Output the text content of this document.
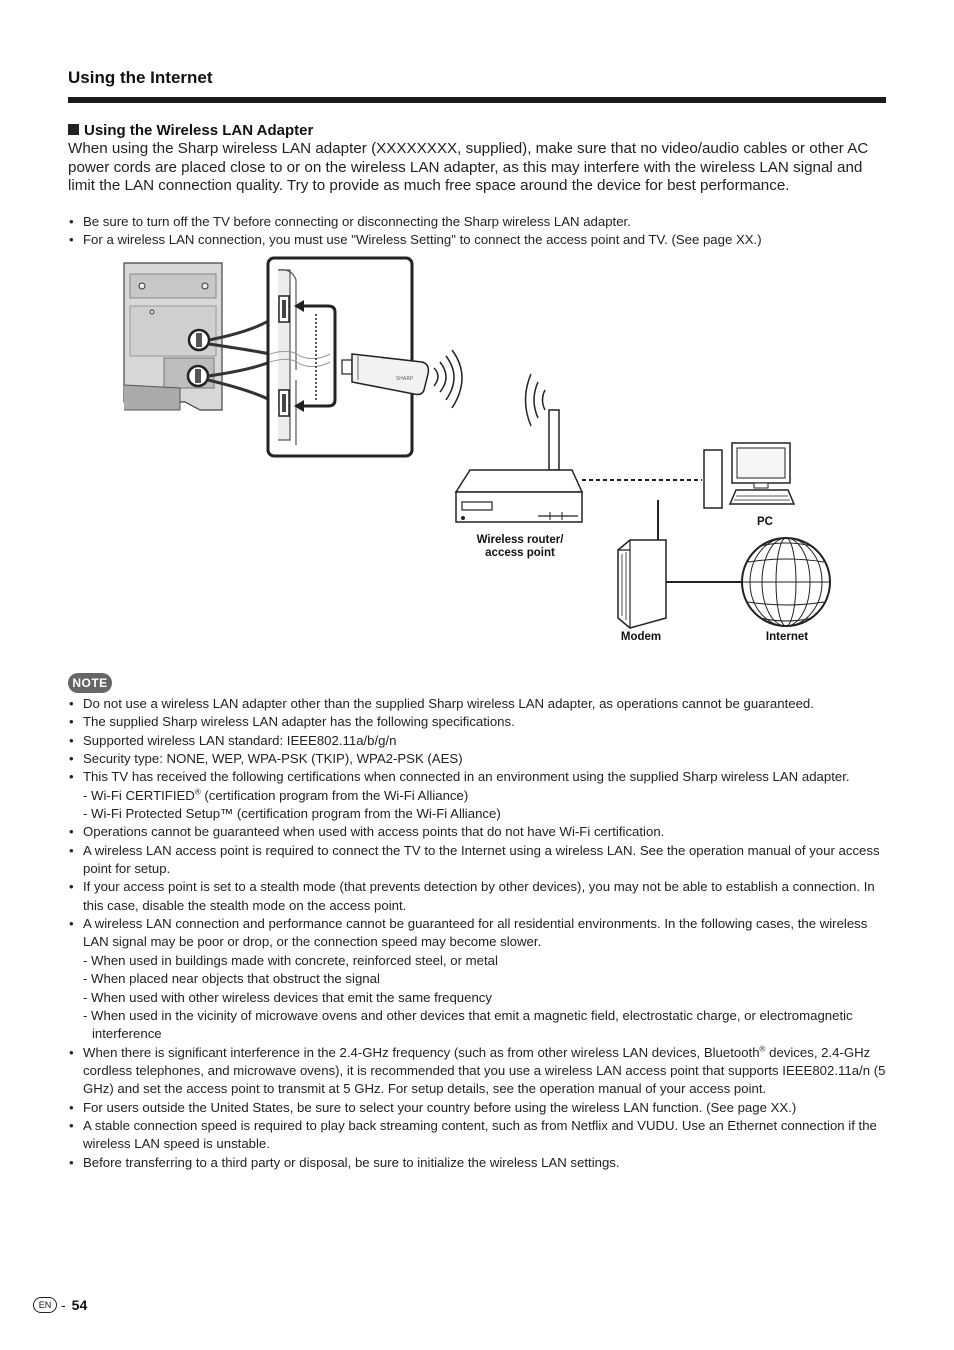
Using the Internet
Using the Wireless LAN Adapter

When using the Sharp wireless LAN adapter (XXXXXXXX, supplied), make sure that no video/audio cables or other AC power cords are placed close to or on the wireless LAN adapter, as this may interfere with the wireless LAN signal and limit the LAN connection quality. Try to provide as much free space around the device for best performance.

• Be sure to turn off the TV before connecting or disconnecting the Sharp wireless LAN adapter.
• For a wireless LAN connection, you must use "Wireless Setting" to connect the access point and TV. (See page XX.)
SHARP
Wireless router/
access point
PC
Modem	Internet
NOTE
• Do not use a wireless LAN adapter other than the supplied Sharp wireless LAN adapter, as operations cannot be guaranteed.
• The supplied Sharp wireless LAN adapter has the following specifications.
• Supported wireless LAN standard: IEEE802.11a/b/g/n
• Security type: NONE, WEP, WPA-PSK (TKIP), WPA2-PSK (AES)
• This TV has received the following certifications when connected in an environment using the supplied Sharp wireless LAN adapter.
- Wi-Fi CERTIFIED® (certification program from the Wi-Fi Alliance)
- Wi-Fi Protected Setup™ (certification program from the Wi-Fi Alliance)
• Operations cannot be guaranteed when used with access points that do not have Wi-Fi certification.
• A wireless LAN access point is required to connect the TV to the Internet using a wireless LAN. See the operation manual of your access point for setup.
• If your access point is set to a stealth mode (that prevents detection by other devices), you may not be able to establish a connection. In this case, disable the stealth mode on the access point.
• A wireless LAN connection and performance cannot be guaranteed for all residential environments. In the following cases, the wireless LAN signal may be poor or drop, or the connection speed may become slower.
- When used in buildings made with concrete, reinforced steel, or metal
- When placed near objects that obstruct the signal
- When used with other wireless devices that emit the same frequency
- When used in the vicinity of microwave ovens and other devices that emit a magnetic field, electrostatic charge, or electromagnetic interference
• When there is significant interference in the 2.4-GHz frequency (such as from other wireless LAN devices, Bluetooth® devices, 2.4-GHz cordless telephones, and microwave ovens), it is recommended that you use a wireless LAN access point that supports IEEE802.11a/n (5 GHz) and set the access point to transmit at 5 GHz. For setup details, see the operation manual of your access point.
• For users outside the United States, be sure to select your country before using the wireless LAN function. (See page XX.)
• A stable connection speed is required to play back streaming content, such as from Netflix and VUDU. Use an Ethernet connection if the wireless LAN speed is unstable.
• Before transferring to a third party or disposal, be sure to initialize the wireless LAN settings.
EN - 54
